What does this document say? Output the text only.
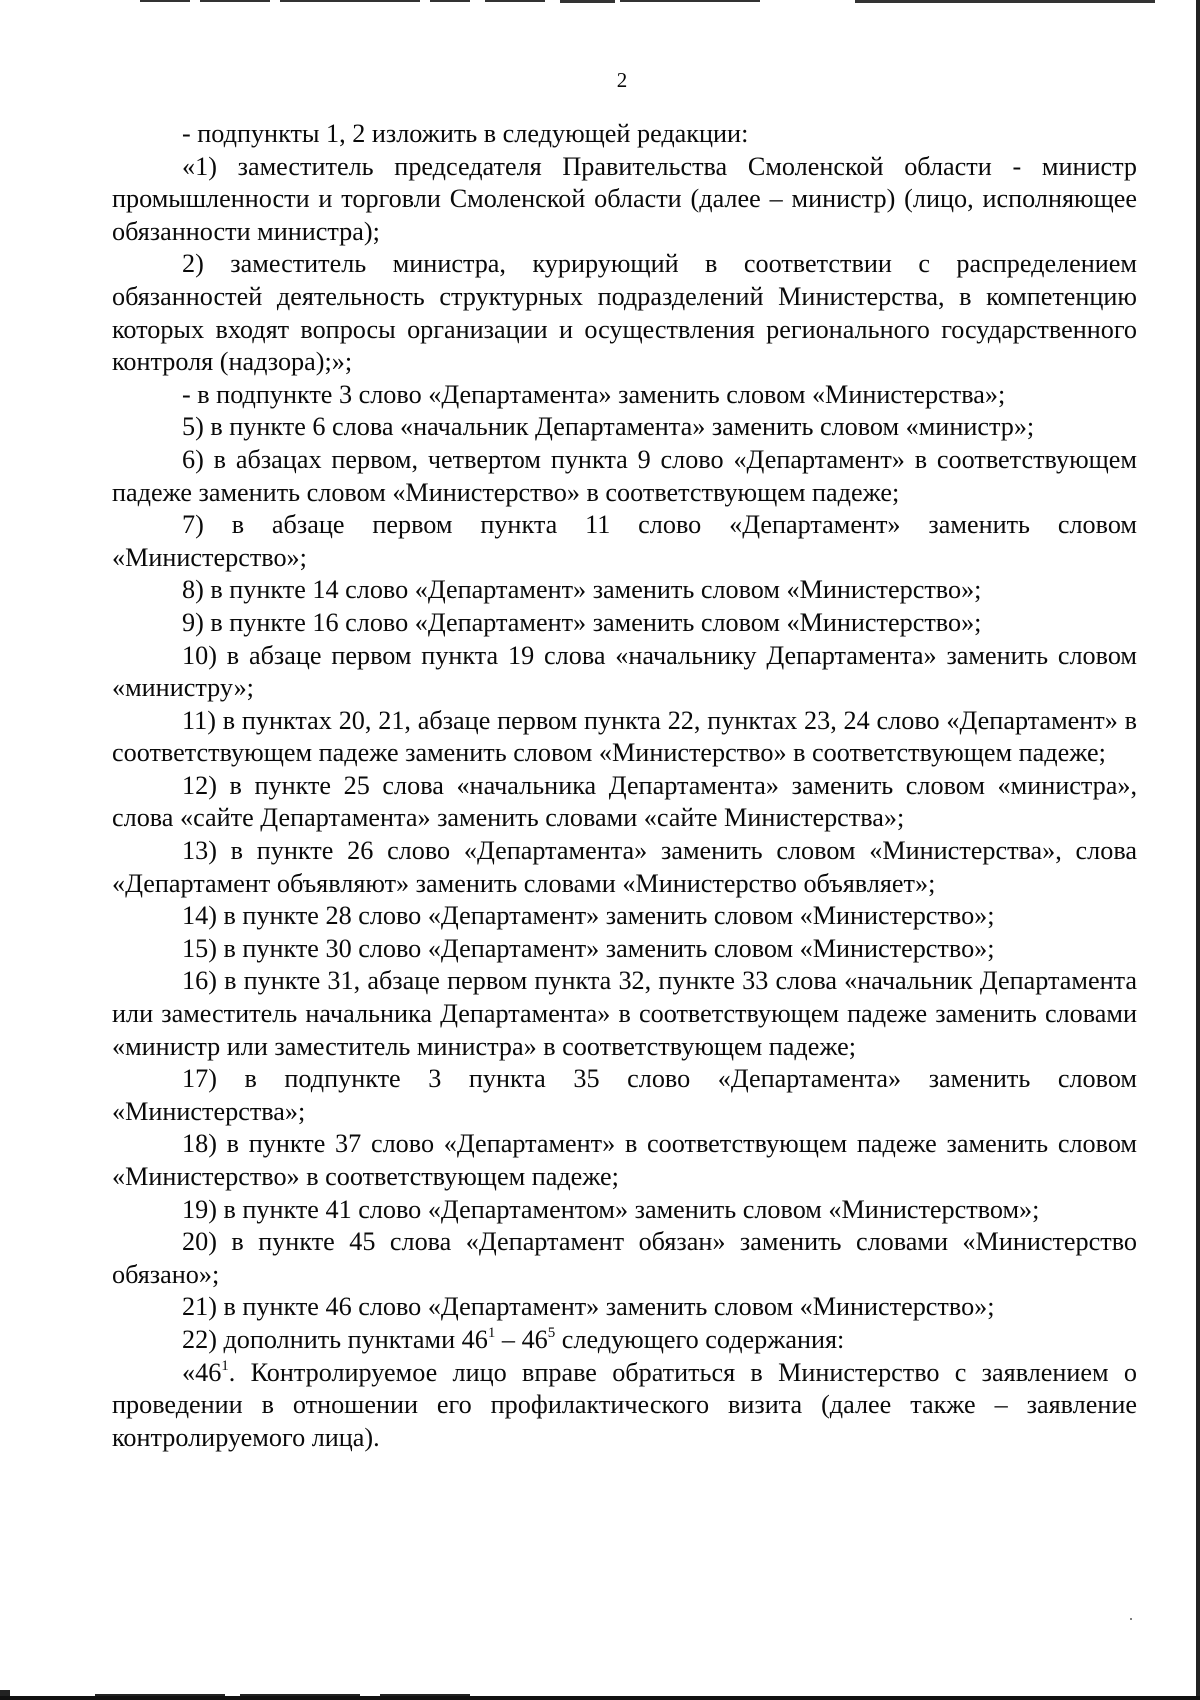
2

- подпункты 1, 2 изложить в следующей редакции:

«1) заместитель председателя Правительства Смоленской области - министр промышленности и торговли Смоленской области (далее – министр) (лицо, исполняющее обязанности министра);

2) заместитель министра, курирующий в соответствии с распределением обязанностей деятельность структурных подразделений Министерства, в компетенцию которых входят вопросы организации и осуществления регионального государственного контроля (надзора);»;

- в подпункте 3 слово «Департамента» заменить словом «Министерства»;

5) в пункте 6 слова «начальник Департамента» заменить словом «министр»;

6) в абзацах первом, четвертом пункта 9 слово «Департамент» в соответствующем падеже заменить словом «Министерство» в соответствующем падеже;

7) в абзаце первом пункта 11 слово «Департамент» заменить словом «Министерство»;

8) в пункте 14 слово «Департамент» заменить словом «Министерство»;

9) в пункте 16 слово «Департамент» заменить словом «Министерство»;

10) в абзаце первом пункта 19 слова «начальнику Департамента» заменить словом «министру»;

11) в пунктах 20, 21, абзаце первом пункта 22, пунктах 23, 24 слово «Департамент» в соответствующем падеже заменить словом «Министерство» в соответствующем падеже;

12) в пункте 25 слова «начальника Департамента» заменить словом «министра», слова «сайте Департамента» заменить словами «сайте Министерства»;

13) в пункте 26 слово «Департамента» заменить словом «Министерства», слова «Департамент объявляют» заменить словами «Министерство объявляет»;

14) в пункте 28 слово «Департамент» заменить словом «Министерство»;

15) в пункте 30 слово «Департамент» заменить словом «Министерство»;

16) в пункте 31, абзаце первом пункта 32, пункте 33 слова «начальник Департамента или заместитель начальника Департамента» в соответствующем падеже заменить словами «министр или заместитель министра» в соответствующем падеже;

17) в подпункте 3 пункта 35 слово «Департамента» заменить словом «Министерства»;

18) в пункте 37 слово «Департамент» в соответствующем падеже заменить словом «Министерство» в соответствующем падеже;

19) в пункте 41 слово «Департаментом» заменить словом «Министерством»;

20) в пункте 45 слова «Департамент обязан» заменить словами «Министерство обязано»;

21) в пункте 46 слово «Департамент» заменить словом «Министерство»;

22) дополнить пунктами $46^1 - 46^5$ следующего содержания:

«$46^1$. Контролируемое лицо вправе обратиться в Министерство с заявлением о проведении в отношении его профилактического визита (далее также – заявление контролируемого лица).
